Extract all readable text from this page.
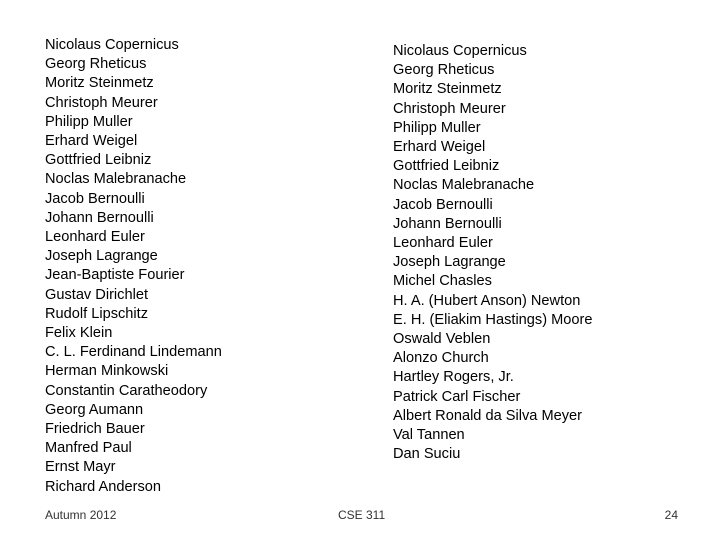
Nicolaus Copernicus
Georg Rheticus
Moritz Steinmetz
Christoph Meurer
Philipp Muller
Erhard Weigel
Gottfried Leibniz
Noclas Malebranache
Jacob Bernoulli
Johann Bernoulli
Leonhard Euler
Joseph Lagrange
Jean-Baptiste Fourier
Gustav Dirichlet
Rudolf Lipschitz
Felix Klein
C. L. Ferdinand Lindemann
Herman Minkowski
Constantin Caratheodory
Georg Aumann
Friedrich Bauer
Manfred Paul
Ernst Mayr
Richard Anderson
Nicolaus Copernicus
Georg Rheticus
Moritz Steinmetz
Christoph Meurer
Philipp Muller
Erhard Weigel
Gottfried Leibniz
Noclas Malebranache
Jacob Bernoulli
Johann Bernoulli
Leonhard Euler
Joseph Lagrange
Michel Chasles
H. A. (Hubert Anson) Newton
E. H. (Eliakim Hastings) Moore
Oswald Veblen
Alonzo Church
Hartley Rogers, Jr.
Patrick Carl Fischer
Albert Ronald da Silva Meyer
Val Tannen
Dan Suciu
Autumn 2012	CSE 311	24
